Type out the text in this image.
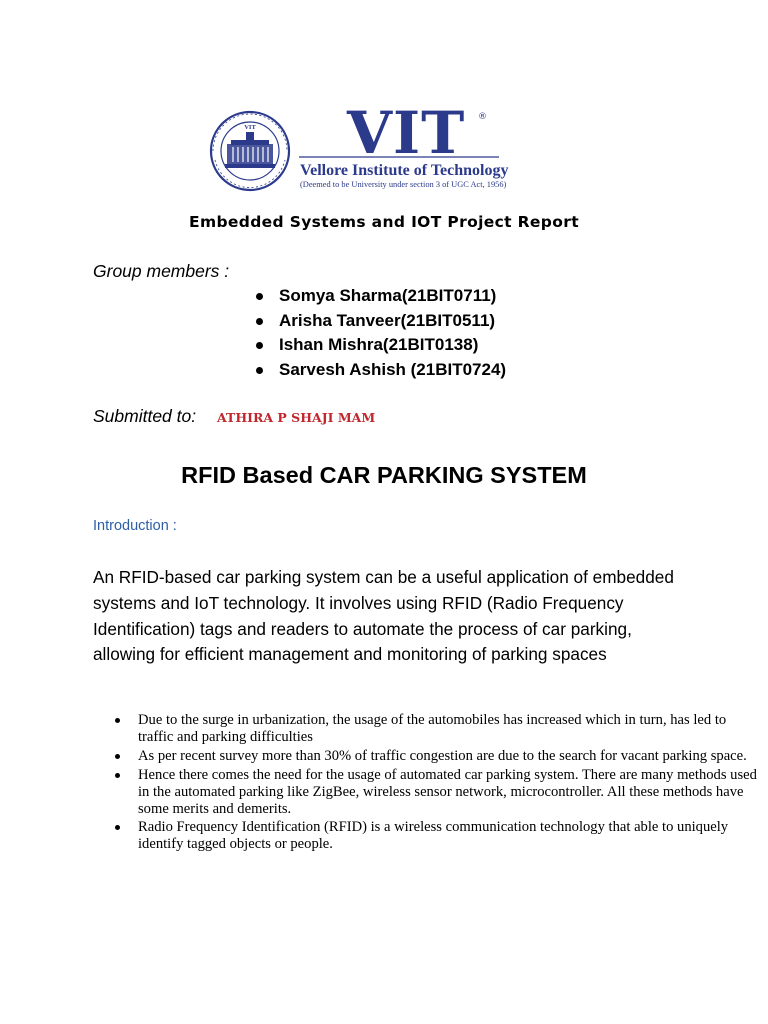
VIT VIT ®
Vellore Institute of Technology
(Deemed to be University under section 3 of UGC Act, 1956)
Embedded Systems and IOT Project Report
Group members :
Somya Sharma(21BIT0711)
Arisha Tanveer(21BIT0511)
Ishan Mishra(21BIT0138)
Sarvesh Ashish (21BIT0724)
Submitted to: ATHIRA P SHAJI MAM
RFID Based CAR PARKING SYSTEM
Introduction :

An RFID-based car parking system can be a useful application of embedded systems and IoT technology. It involves using RFID (Radio Frequency Identification) tags and readers to automate the process of car parking, allowing for efficient management and monitoring of parking spaces

Due to the surge in urbanization, the usage of the automobiles has increased which in turn, has led to traffic and parking difficulties
As per recent survey more than 30% of traffic congestion are due to the search for vacant parking space.
Hence there comes the need for the usage of automated car parking system. There are many methods used in the automated parking like ZigBee, wireless sensor network, microcontroller. All these methods have some merits and demerits.
Radio Frequency Identification (RFID) is a wireless communication technology that able to uniquely identify tagged objects or people.
